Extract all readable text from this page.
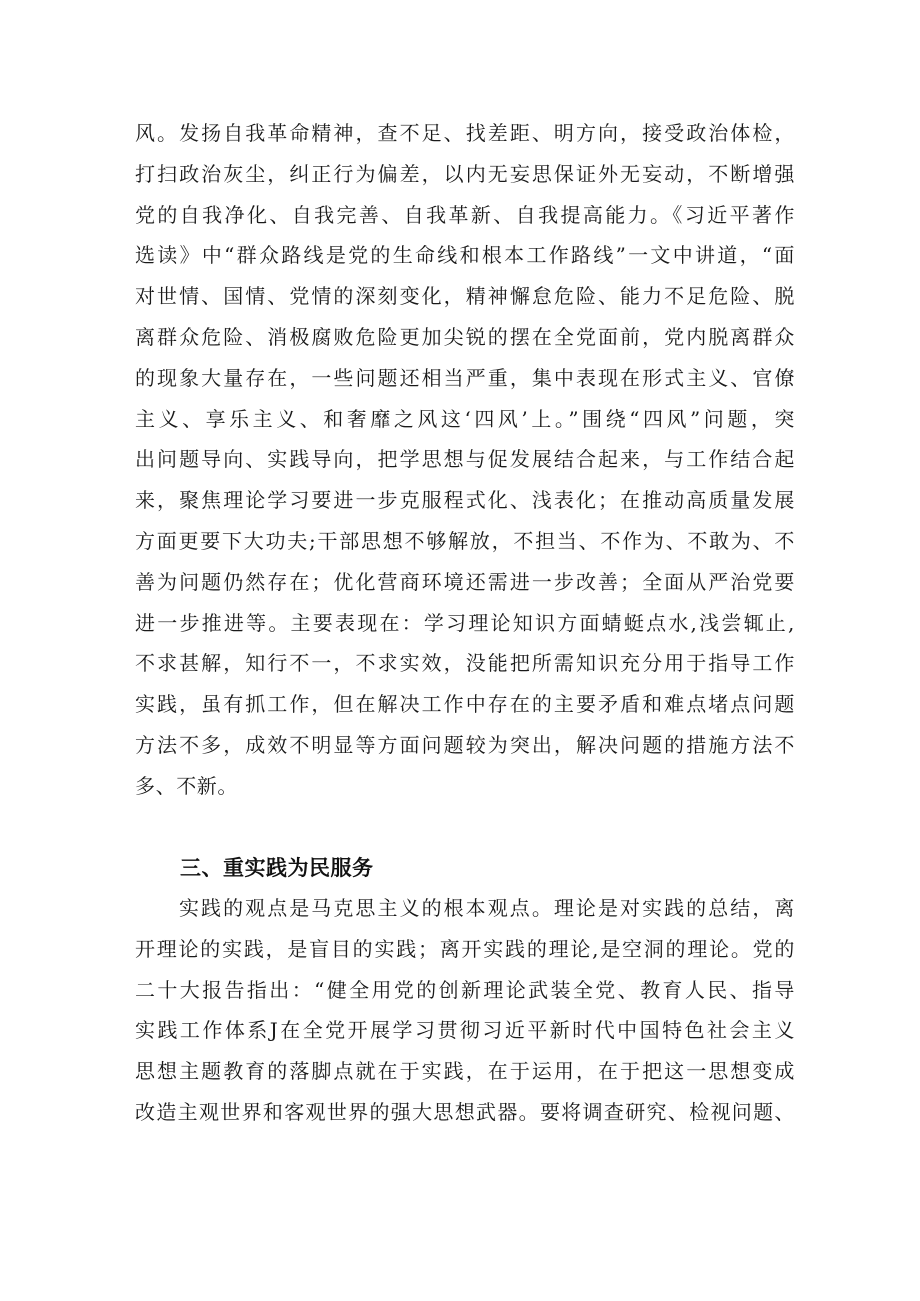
风。发扬自我革命精神，查不足、找差距、明方向，接受政治体检，
打扫政治灰尘，纠正行为偏差，以内无妄思保证外无妄动，不断增强
党的自我净化、自我完善、自我革新、自我提高能力。《习近平著作
选读》中“群众路线是党的生命线和根本工作路线”一文中讲道，“面
对世情、国情、党情的深刻变化，精神懈怠危险、能力不足危险、脱
离群众危险、消极腐败危险更加尖锐的摆在全党面前，党内脱离群众
的现象大量存在，一些问题还相当严重，集中表现在形式主义、官僚
主义、享乐主义、和奢靡之风这‘四风’上。”围绕“四风”问题，突
出问题导向、实践导向，把学思想与促发展结合起来，与工作结合起
来，聚焦理论学习要进一步克服程式化、浅表化；在推动高质量发展
方面更要下大功夫;干部思想不够解放，不担当、不作为、不敢为、不
善为问题仍然存在；优化营商环境还需进一步改善；全面从严治党要
进一步推进等。主要表现在：学习理论知识方面蜻蜓点水,浅尝辄止,
不求甚解，知行不一，不求实效，没能把所需知识充分用于指导工作
实践，虽有抓工作，但在解决工作中存在的主要矛盾和难点堵点问题
方法不多，成效不明显等方面问题较为突出，解决问题的措施方法不
多、不新。
三、重实践为民服务
实践的观点是马克思主义的根本观点。理论是对实践的总结，离
开理论的实践，是盲目的实践；离开实践的理论,是空洞的理论。党的
二十大报告指出：“健全用党的创新理论武装全党、教育人民、指导
实践工作体系J在全党开展学习贯彻习近平新时代中国特色社会主义
思想主题教育的落脚点就在于实践，在于运用，在于把这一思想变成
改造主观世界和客观世界的强大思想武器。要将调查研究、检视问题、
